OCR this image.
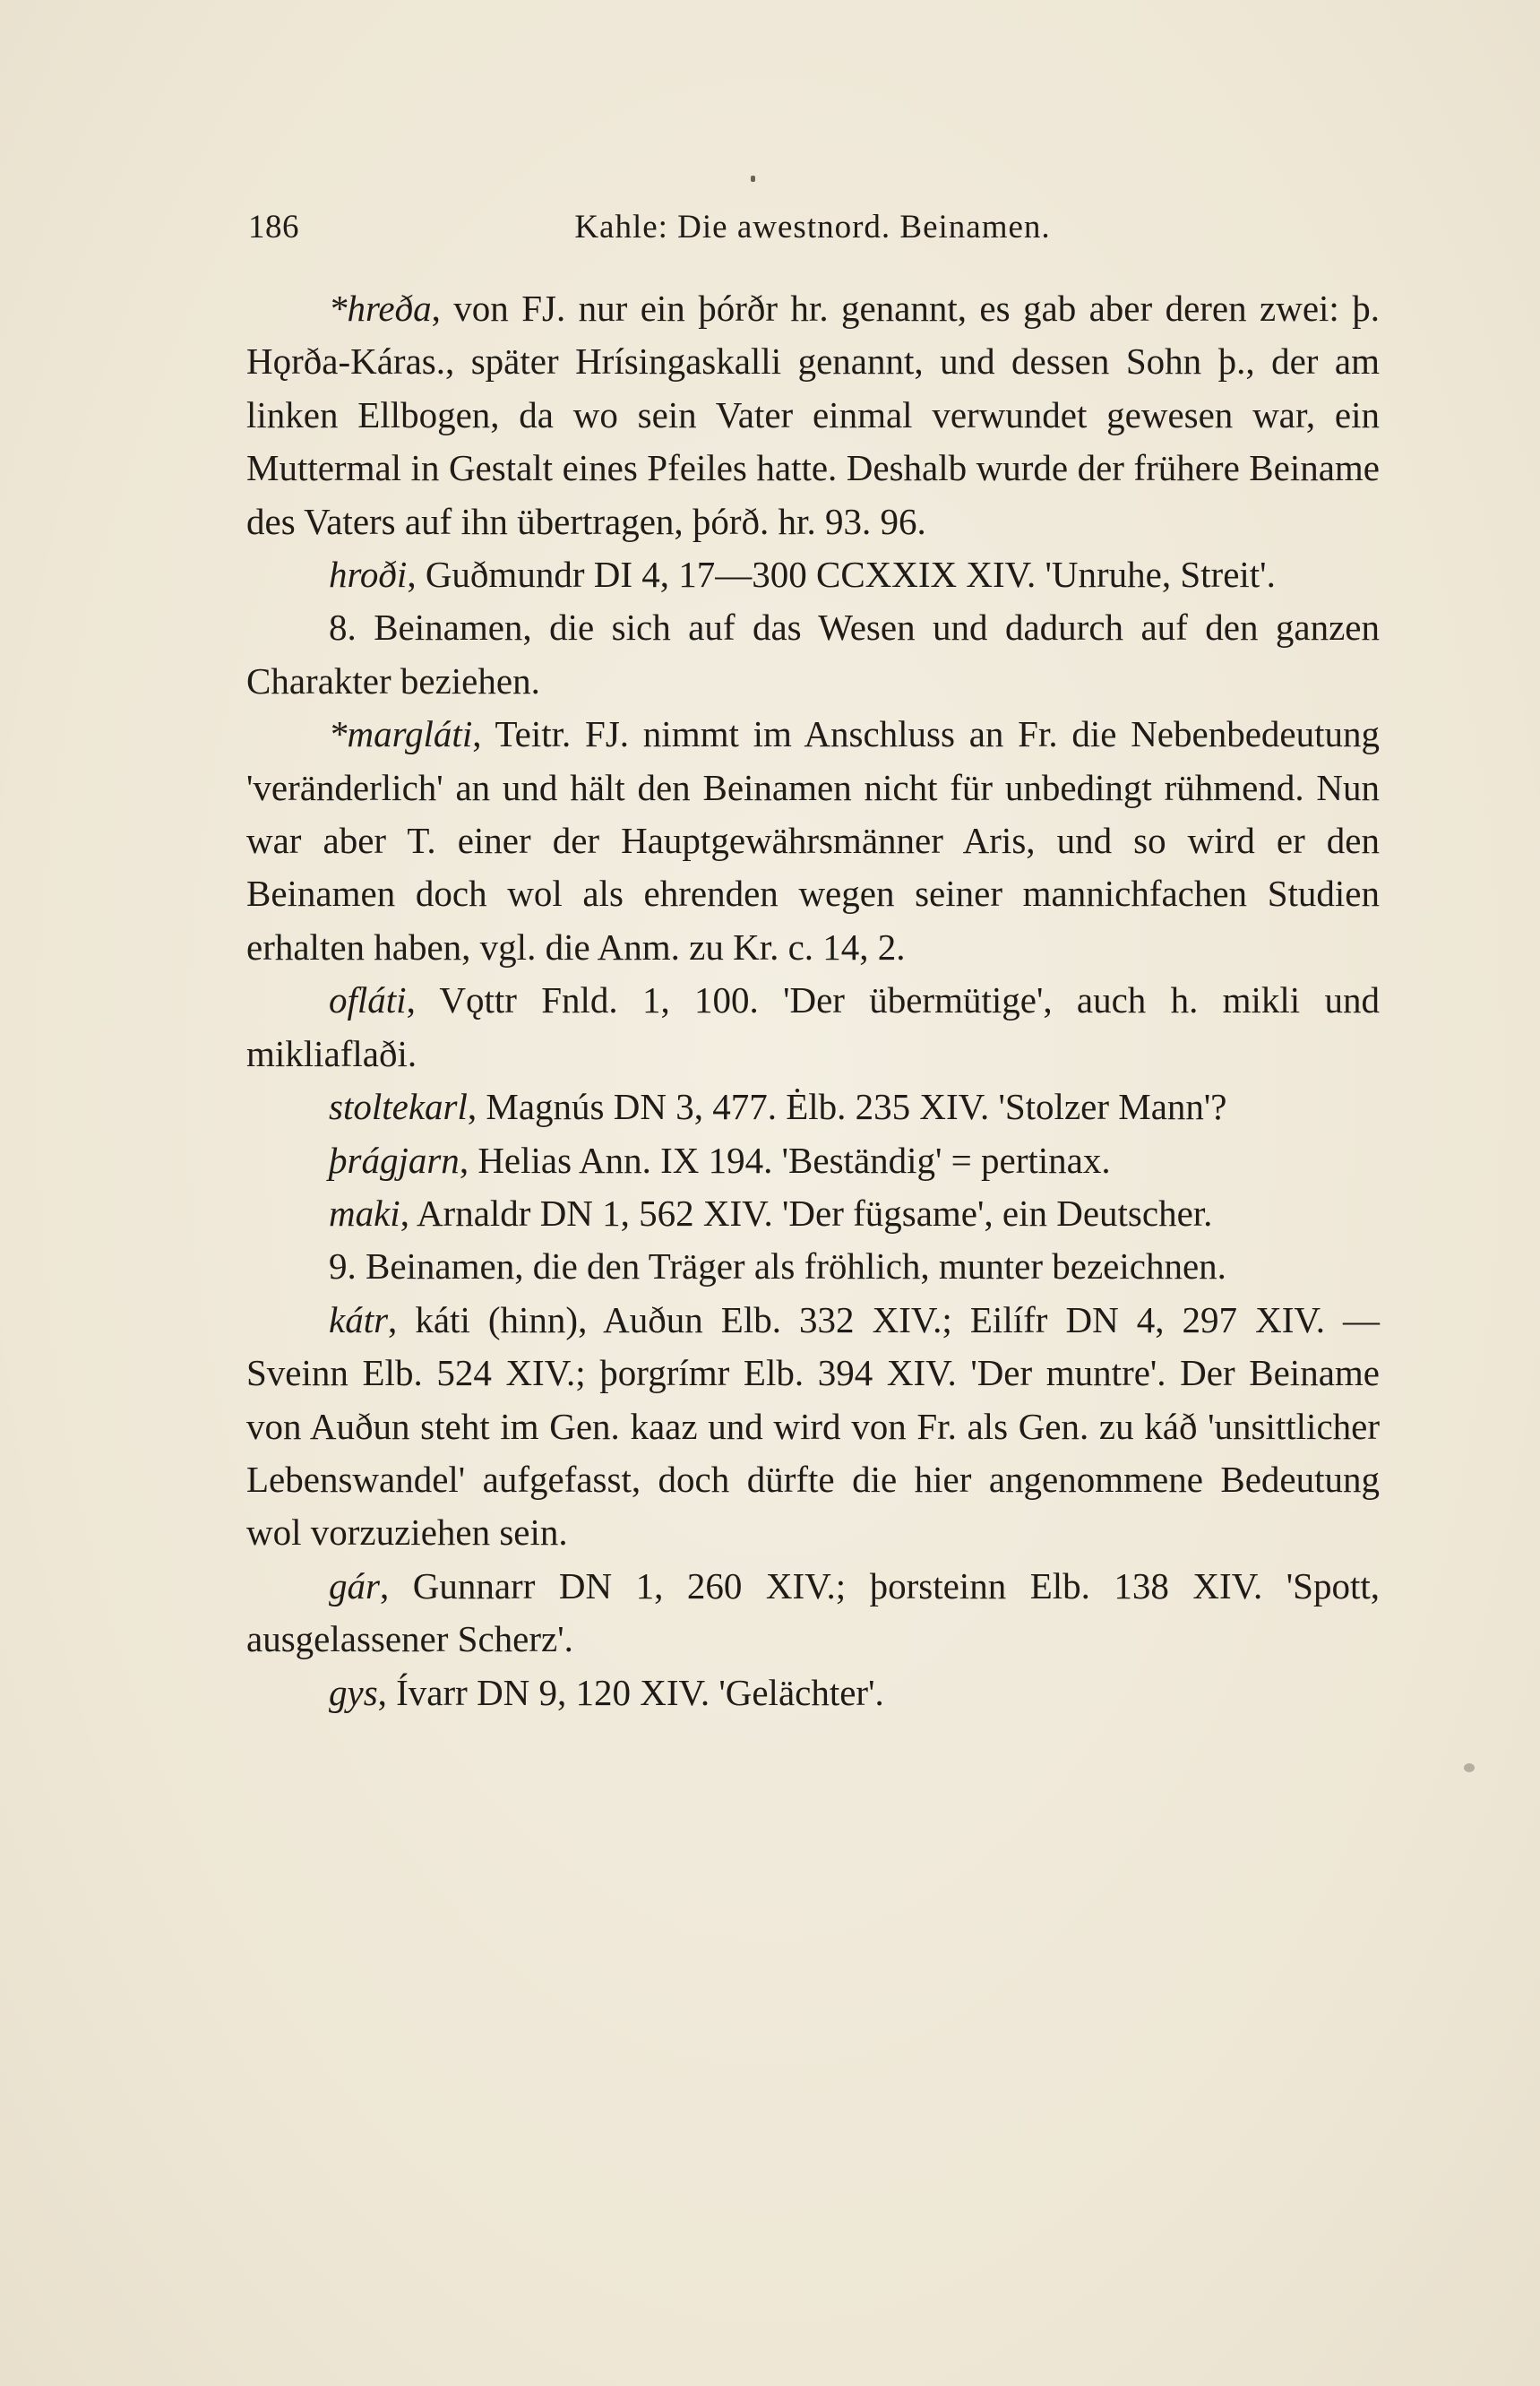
186	Kahle: Die awestnord. Beinamen.

*hreða, von FJ. nur ein þórðr hr. genannt, es gab aber deren zwei: þ. Hǫrða-Káras., später Hrísingaskalli genannt, und dessen Sohn þ., der am linken Ellbogen, da wo sein Vater einmal verwundet gewesen war, ein Muttermal in Gestalt eines Pfeiles hatte. Deshalb wurde der frühere Beiname des Vaters auf ihn übertragen, þórð. hr. 93. 96.

hroði, Guðmundr DI 4, 17—300 CCXXIX XIV. 'Unruhe, Streit'.

8. Beinamen, die sich auf das Wesen und dadurch auf den ganzen Charakter beziehen.

*margláti, Teitr. FJ. nimmt im Anschluss an Fr. die Nebenbedeutung 'veränderlich' an und hält den Beinamen nicht für unbedingt rühmend. Nun war aber T. einer der Hauptgewährsmänner Aris, und so wird er den Beinamen doch wol als ehrenden wegen seiner mannichfachen Studien erhalten haben, vgl. die Anm. zu Kr. c. 14, 2.

ofláti, Vǫttr Fnld. 1, 100. 'Der übermütige', auch h. mikli und mikliaflaði.

stoltekarl, Magnús DN 3, 477. Ėlb. 235 XIV. 'Stolzer Mann'?

þrágjarn, Helias Ann. IX 194. 'Beständig' = pertinax.

maki, Arnaldr DN 1, 562 XIV. 'Der fügsame', ein Deutscher.

9. Beinamen, die den Träger als fröhlich, munter bezeichnen.

kátr, káti (hinn), Auðun Elb. 332 XIV.; Eilífr DN 4, 297 XIV. — Sveinn Elb. 524 XIV.; þorgrímr Elb. 394 XIV. 'Der muntre'. Der Beiname von Auðun steht im Gen. kaaz und wird von Fr. als Gen. zu káð 'unsittlicher Lebenswandel' aufgefasst, doch dürfte die hier angenommene Bedeutung wol vorzuziehen sein.

gár, Gunnarr DN 1, 260 XIV.; þorsteinn Elb. 138 XIV. 'Spott, ausgelassener Scherz'.

gys, Ívarr DN 9, 120 XIV. 'Gelächter'.
